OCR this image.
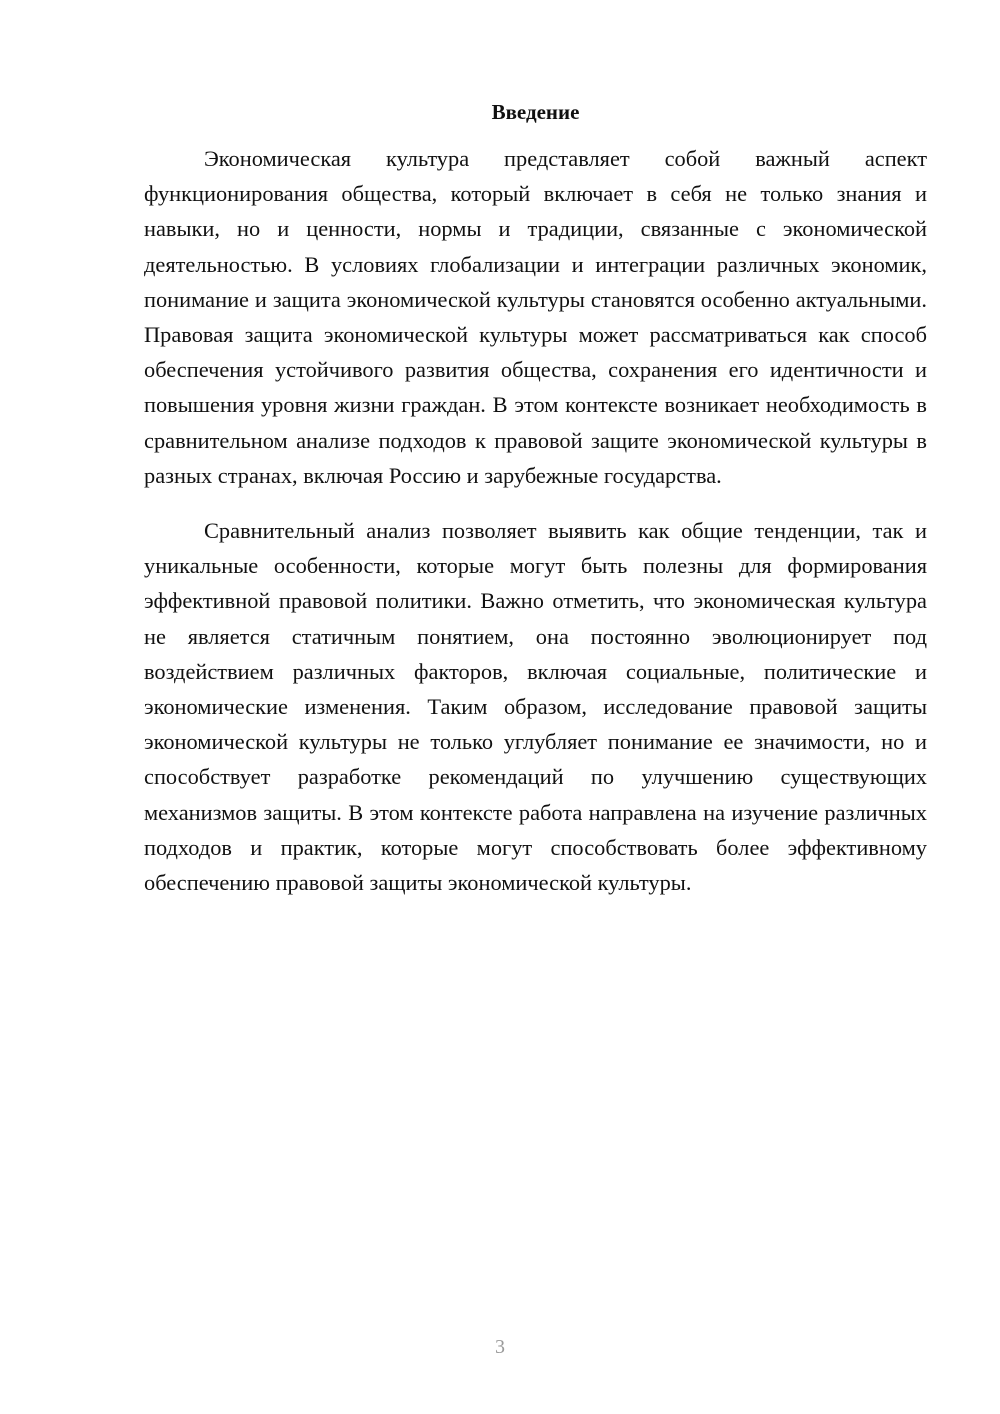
Введение

Экономическая культура представляет собой важный аспект функционирования общества, который включает в себя не только знания и навыки, но и ценности, нормы и традиции, связанные с экономической деятельностью. В условиях глобализации и интеграции различных экономик, понимание и защита экономической культуры становятся особенно актуальными. Правовая защита экономической культуры может рассматриваться как способ обеспечения устойчивого развития общества, сохранения его идентичности и повышения уровня жизни граждан. В этом контексте возникает необходимость в сравнительном анализе подходов к правовой защите экономической культуры в разных странах, включая Россию и зарубежные государства.

Сравнительный анализ позволяет выявить как общие тенденции, так и уникальные особенности, которые могут быть полезны для формирования эффективной правовой политики. Важно отметить, что экономическая культура не является статичным понятием, она постоянно эволюционирует под воздействием различных факторов, включая социальные, политические и экономические изменения. Таким образом, исследование правовой защиты экономической культуры не только углубляет понимание ее значимости, но и способствует разработке рекомендаций по улучшению существующих механизмов защиты. В этом контексте работа направлена на изучение различных подходов и практик, которые могут способствовать более эффективному обеспечению правовой защиты экономической культуры.

3
